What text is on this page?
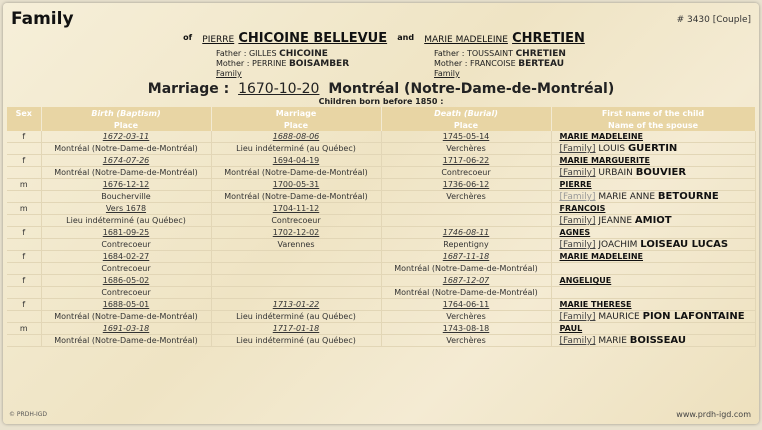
Family	# 3430 [Couple]
of PIERRE CHICOINE BELLEVUE and MARIE MADELEINE CHRETIEN
Father : GILLES CHICOINE
Mother : PERRINE BOISAMBER
Family
Father : TOUSSAINT CHRETIEN
Mother : FRANCOISE BERTEAU
Family
Marriage : 1670-10-20 Montréal (Notre-Dame-de-Montréal)
Children born before 1850 :
Sex	Birth (Baptism)	Marriage	Death (Burial)	First name of the child
	Place	Place	Place	Name of the spouse
f	1672-03-11	1688-08-06	1745-05-14	MARIE MADELEINE
	Montréal (Notre-Dame-de-Montréal)	Lieu indéterminé (au Québec)	Verchères	[Family] LOUIS GUERTIN
f	1674-07-26	1694-04-19	1717-06-22	MARIE MARGUERITE
	Montréal (Notre-Dame-de-Montréal)	Montréal (Notre-Dame-de-Montréal)	Contrecoeur	[Family] URBAIN BOUVIER
m	1676-12-12	1700-05-31	1736-06-12	PIERRE
	Boucherville	Montréal (Notre-Dame-de-Montréal)	Verchères	[Family] MARIE ANNE BETOURNE
m	Vers 1678	1704-11-12		FRANCOIS
	Lieu indéterminé (au Québec)	Contrecoeur		[Family] JEANNE AMIOT
f	1681-09-25	1702-12-02	1746-08-11	AGNES
	Contrecoeur	Varennes	Repentigny	[Family] JOACHIM LOISEAU LUCAS
f	1684-02-27		1687-11-18	MARIE MADELEINE
	Contrecoeur		Montréal (Notre-Dame-de-Montréal)	
f	1686-05-02		1687-12-07	ANGELIQUE
	Contrecoeur		Montréal (Notre-Dame-de-Montréal)	
f	1688-05-01	1713-01-22	1764-06-11	MARIE THERESE
	Montréal (Notre-Dame-de-Montréal)	Lieu indéterminé (au Québec)	Verchères	[Family] MAURICE PION LAFONTAINE
m	1691-03-18	1717-01-18	1743-08-18	PAUL
	Montréal (Notre-Dame-de-Montréal)	Lieu indéterminé (au Québec)	Verchères	[Family] MARIE BOISSEAU
© PRDH-IGD	www.prdh-igd.com
